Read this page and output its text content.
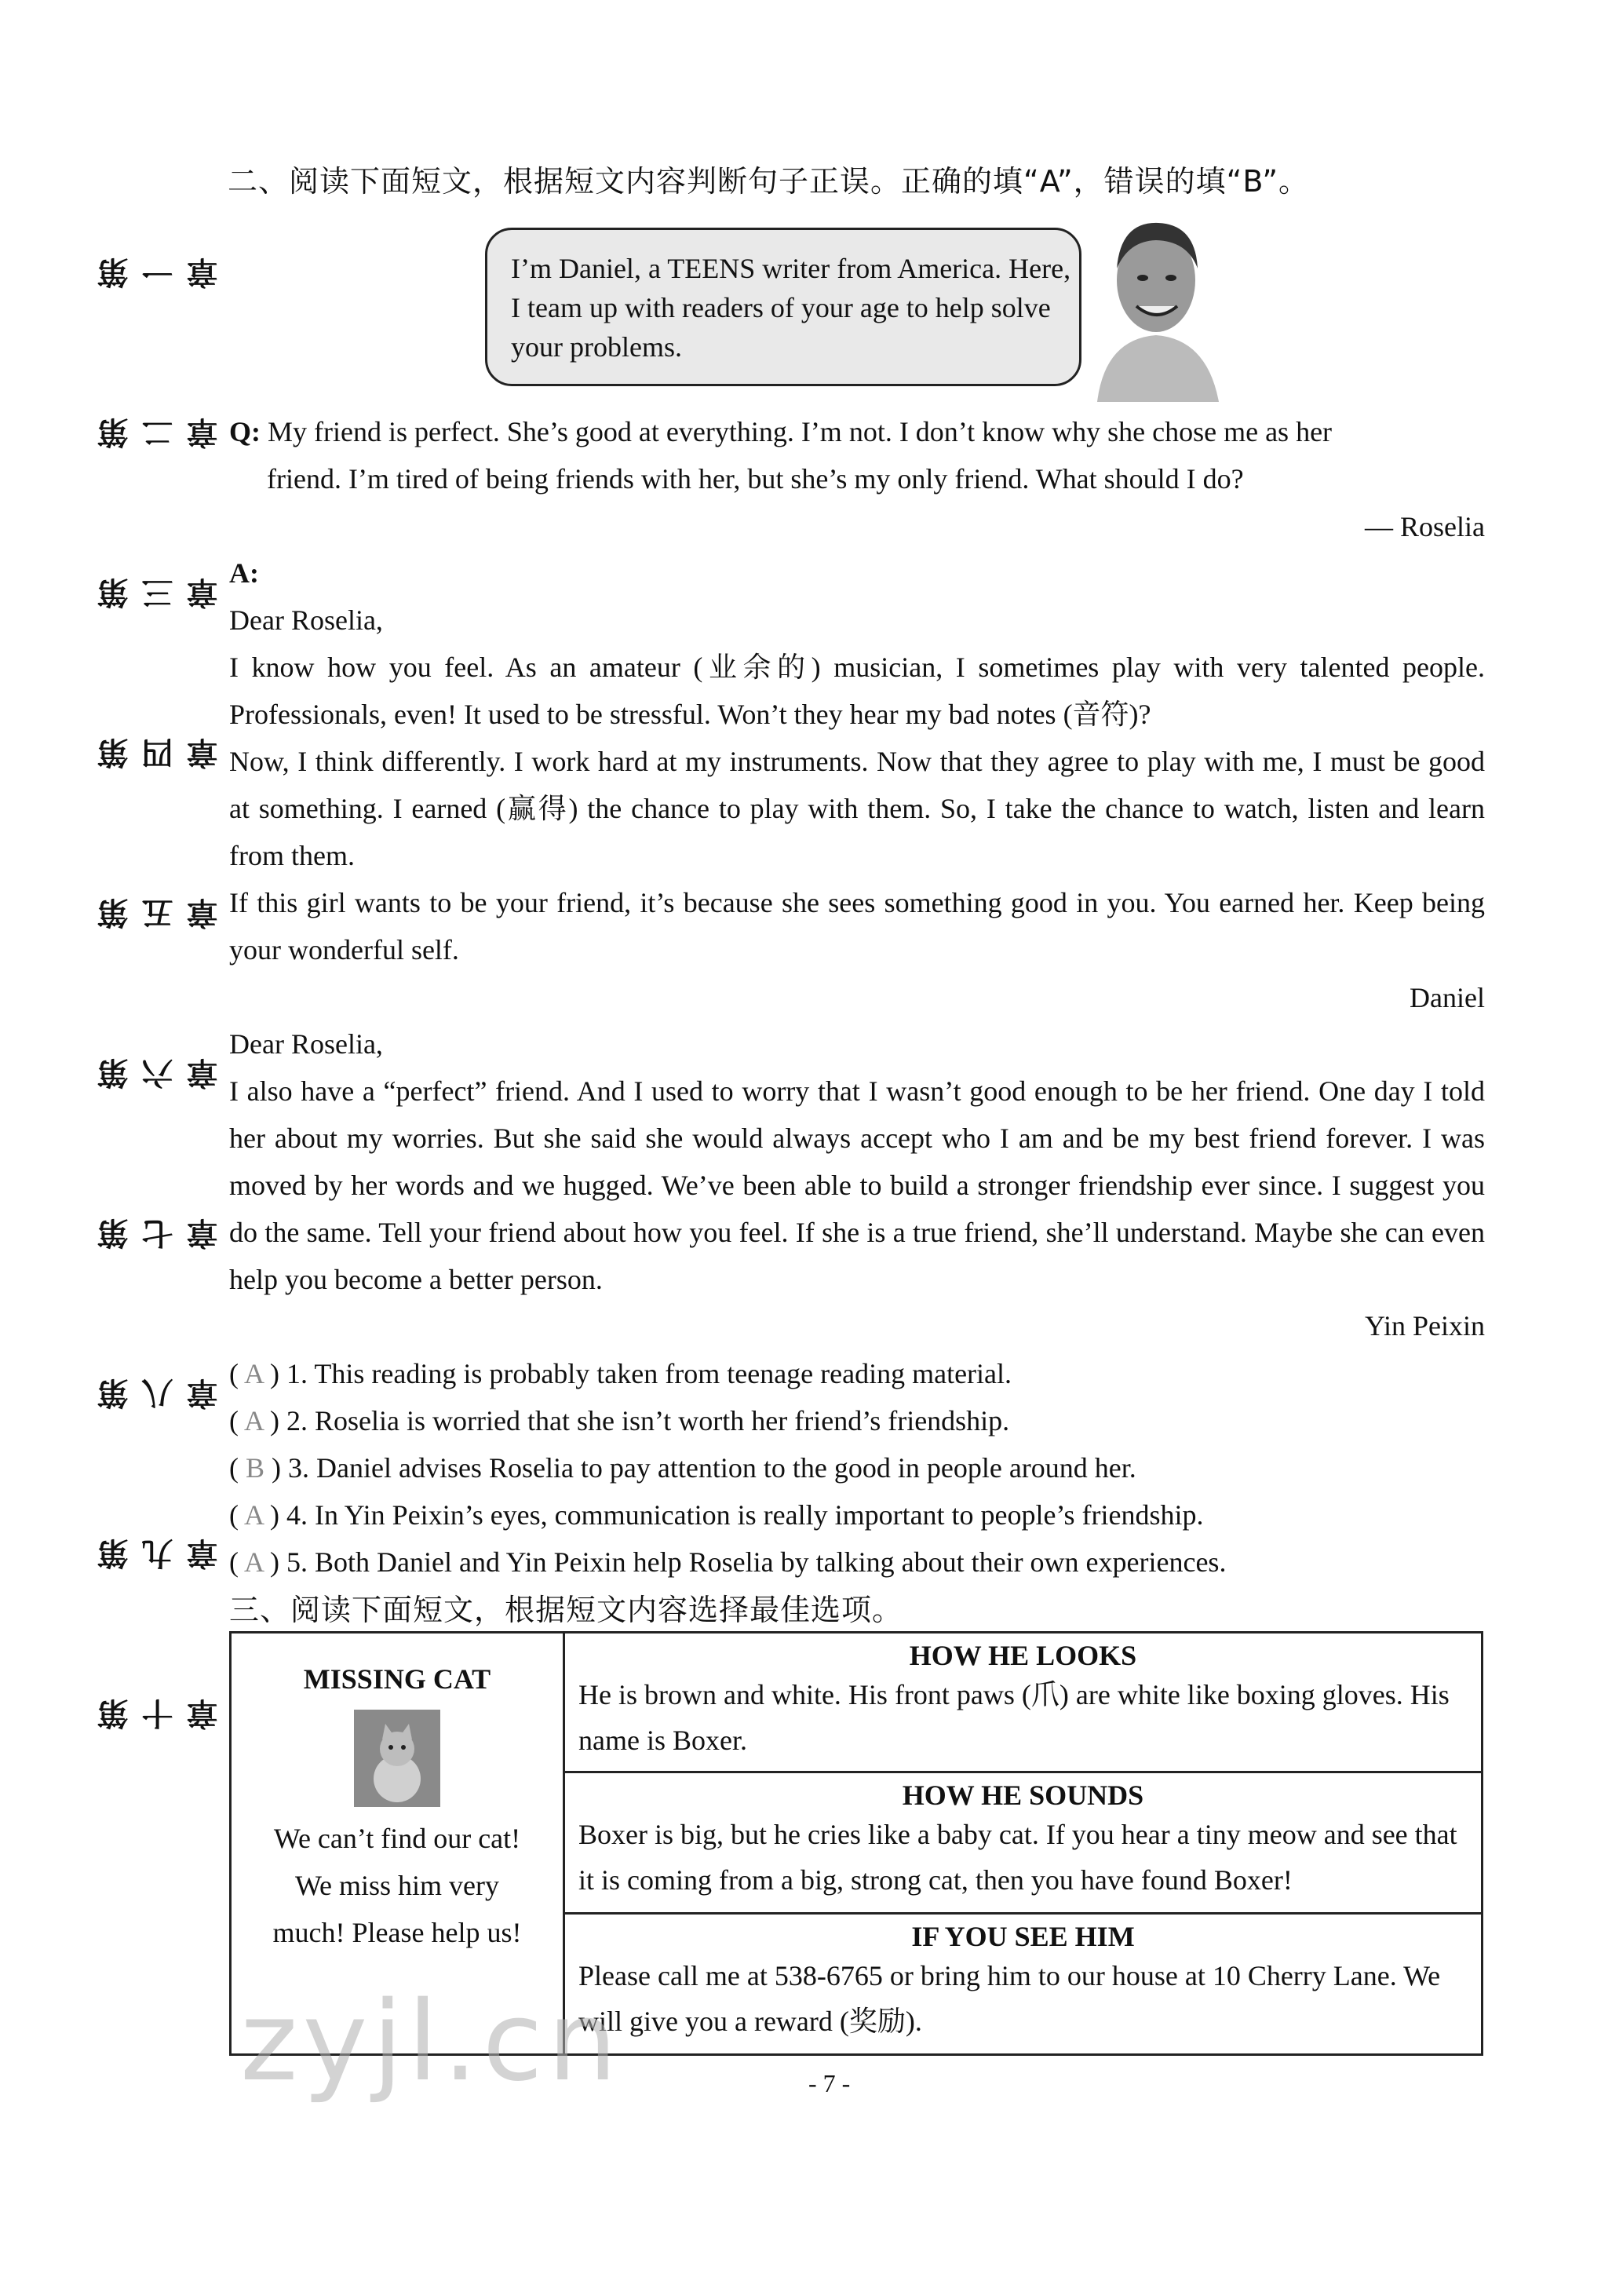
第一章
第二章
第三章
第四章
第五章
第六章
第七章
第八章
第九章
第十章
二、阅读下面短文，根据短文内容判断句子正误。正确的填“A”，错误的填“B”。
I’m Daniel, a TEENS writer from America. Here, I team up with readers of your age to help solve your problems.
Q: My friend is perfect. She’s good at everything. I’m not. I don’t know why she chose me as her
friend. I’m tired of being friends with her, but she’s my only friend. What should I do?
— Roselia
A:
Dear Roselia,
I know how you feel. As an amateur (业余的) musician, I sometimes play with very talented people. Professionals, even! It used to be stressful. Won’t they hear my bad notes (音符)?
Now, I think differently. I work hard at my instruments. Now that they agree to play with me, I must be good at something. I earned (赢得) the chance to play with them. So, I take the chance to watch, listen and learn from them.
If this girl wants to be your friend, it’s because she sees something good in you. You earned her. Keep being your wonderful self.
Daniel
Dear Roselia,
I also have a “perfect” friend. And I used to worry that I wasn’t good enough to be her friend. One day I told her about my worries. But she said she would always accept who I am and be my best friend forever. I was moved by her words and we hugged. We’ve been able to build a stronger friendship ever since. I suggest you do the same. Tell your friend about how you feel. If she is a true friend, she’ll understand. Maybe she can even help you become a better person.
Yin Peixin
( A ) 1. This reading is probably taken from teenage reading material.
( A ) 2. Roselia is worried that she isn’t worth her friend’s friendship.
( B ) 3. Daniel advises Roselia to pay attention to the good in people around her.
( A ) 4. In Yin Peixin’s eyes, communication is really important to people’s friendship.
( A ) 5. Both Daniel and Yin Peixin help Roselia by talking about their own experiences.
三、阅读下面短文，根据短文内容选择最佳选项。
MISSING CAT
We can’t find our cat! We miss him very much! Please help us!

HOW HE LOOKS
He is brown and white. His front paws (爪) are white like boxing gloves. His name is Boxer.

HOW HE SOUNDS
Boxer is big, but he cries like a baby cat. If you hear a tiny meow and see that it is coming from a big, strong cat, then you have found Boxer!

IF YOU SEE HIM
Please call me at 538-6765 or bring him to our house at 10 Cherry Lane. We will give you a reward (奖励).
zyjl.cn	- 7 -
